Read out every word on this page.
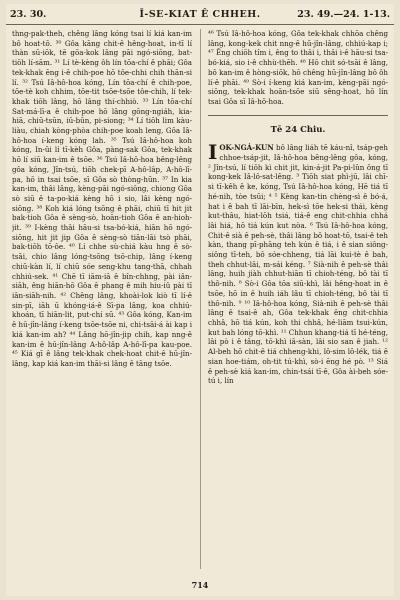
23. 30.	Ī-SE-KIAT Ê CHHEH.	23. 49.—24. 1-13.

thng-pak-theh, chêng lâng kóng tsai lí kiá kan-im bô hoat-tō. ³⁰ Gôa kāng chit-ê hêng-hoat, in-tī lí thàn sū-iōk, tē gōa-kok lâng pāi ngó-siōng, bat-tiōh lí-sām. ³¹ Lí tè-kèng ôh lín tōa-chí ê phāi; Gôa tek-khak ēng i-ê chih-poe hō tôe-chhi chih thān-si lí. ³² Tsú Iâ-hô-hoa kóng, Lín tōa-chí ê chih-poe, tōe-tè koh chhim, tōe-tit tsōe-tsōe tôe-chih, lí tek-khak tiōh lâng, hō lâng thí-chhiò. ³³ Lín tōa-chí Sat-má-lī-a ê chih-poe hō lâng gōng-ngiáh, kia-hiā, chiū-tsūn, iū-būn, pi-siong; ³⁴ Lí tiōh lim kàu-liàu, chiah kòng-phòa chih-poe koah leng, Gôa Iâ-hô-hoa í-keng kóng lah. ³⁵ Tsú Iâ-hô-hoa koh kóng, In-ūi lí tī-kèh Gôa, pàng-sak Gôa, tek-khak hō lí siū kan-im ê tsōe. ³⁶ Tsú Iâ-hô-hoa bêng-lêng gôa kóng, Jîn-tsú, tiōh chek-pī A-hô-lâp, A-hô-lī-pa, hō in tsai tsōe, sī Gôa sò thòng-hūn. ³⁷ In kia kan-im, thâi lâng, kèng-pāi ngó-siōng, chiong Gôa sò siū ê ta-po-kiá kèng hō i sio, lâi kèng ngó-siōng. ³⁸ Koh kiá lóng tsōng ê phāi, chiū tī hit jit bak-tioh Gôa ê sèng-sò, hoān-tioh Gôa ê an-hioh-jit. ³⁹ I-kèng thâi hāu-si tsa-bó-kiá, hiān hō ngó-siōng, hit jit jip Gôa ê sèng-sò tiān-lāi tsò phāi, bak-tiōh tō-ôe. ⁴⁰ Lí chhe sù-chiá kàu hng ê sò-tsāi, chio lâng lóng-tsōng tsō-chip, lâng í-keng chiū-kàn lí, lí chiū sóe seng-khu tang-thā, chhah chhiú-sek. ⁴¹ Chē tī iām-iā ê bîn-chhng, pài iân-siāh, êng hiān-hō Gôa ê phang ê mih hiu-iû pài tī iân-siāh-nih. ⁴² Chêng lâng, khoài-lok kiò tī lí-ê sin-pī, iāh ū khóng-iá-ê Sī-pa lâng, koa chhiú-khoán, tī hiān-lit, put-chí sū. ⁴³ Gôa kóng, Kan-im ê hū-jîn-lâng í-keng tsōe-tsōe ni, chi-tsāi-á ài kap i kiá kan-im ah? ⁴⁴ Lâng hō-jîn-jip chih, kap nng-ê kan-im ê hū-jîn-lâng A-hô-lâp A-hô-lī-pa kau-poe. ⁴⁵ Kiá gī ê lâng tek-khak chek-hoat chit-ê hū-jîn-lâng, kap kiá kan-im thāi-si lâng ê tāng tsōe.

⁴⁶ Tsú Iâ-hô-hoa kóng, Gôa tek-khak chhōa chêng lâng, kong-kek chit nng-ê hū-jîn-lâng, chhiú-kap i; ⁴⁷ Êng chiōh tîm i, êng to thâi i, thâi i-ê hāu-si tsa-bó-kiá, sio i-ê chhù-thēh. ⁴⁸ Hō chit só-tsāi ê lâng, bô kan-im ê hòng-siōk, hō chêng hū-jîn-lâng bô ôh lí-ê phāi. ⁴⁹ Sò-i í-keng kiá kan-im, kèng-pāi ngó-siōng, tek-khak hoān-tsōe siū sêng-hoat, hō lín tsai Gôa sī Iâ-hô-hoa.

Tē 24 Chiu.

IOK-NGÁ-KUN bô lâng liáh tē káu-nî, tsáp-geh chhoe-tsáp-jit, Iâ-hô-hoa bêng-lêng gôa, kóng, ² Jîn-tsú, lí tiōh kì chit jit, kin-á-jit Pa-pi-lûn ông tī kong-kek Iâ-lô-sat-lêng. ³ Tiōh siat phì-jū, lâi chī-si tī-kêh ê ke, kóng, Tsú Iâ-hô-hoa kóng, Hē tiá tī hé-nih, tòe tsūi; ⁴ ⁵ Kèng kan-tin chèng-sì ê bó-á, hat i ê bah tī lāi-bīn, hek-sì tōe hek-si thái, kèng kut-thâu, hiat-lōh tsiá, tiá-ê eng chit-chhia chhá lâi hiá, hō tiá kún kut nòa. ⁶ Tsú Iâ-hô-hoa kóng, Chit-ê sià ê peh-sè, thâi lâng bô hoat-tō, tsai-ê teh kàn, thang pī-phāng teh kún ê tiá, i ê sian siông-siông tī-teh, bô sóe-chheng, tiá lāi kui-tè ê bah, theh chhut-lâi, m-sái kéng. ⁷ Sià-nih ê peh-sè thâi lâng, huih jiàh chhut-hiān tī chioh-téng, bô tài tī thô-nih. ⁸ Sò-i Gôa tōa siū-khì, lâi hêng-hoat in ê tsōe, hō in ê huih iáh lâu tī chioh-téng, bô tài tī thô-nih. ⁹ ¹⁰ Iâ-hô-hoa kóng, Sià-nih ê peh-sè thâi lâng ê tsai-ê ah, Gôa tek-khak êng chit-chhia chhâ, hō tiá kún, koh thi chhâ, hé-liām tsui-kún, kut bah lóng tō-khì. ¹¹ Chhun khang-tiá tī hé-téng, lâi pò i ê tâng, tō-khì iâ-sàn, lâi sio san ê jiah. ¹² Al-beh hō chit-ê tiá chheng-khi, lô-sim lô-lék, tiá ê sian hoe-tiám, oh-tit tú-khì, sò-i ēng hé pò. ¹³ Siá ê peh-sè kiá kan-im, chin-tsái tī-ê, Gôa ài-beh sóe-tú i, lín

714
